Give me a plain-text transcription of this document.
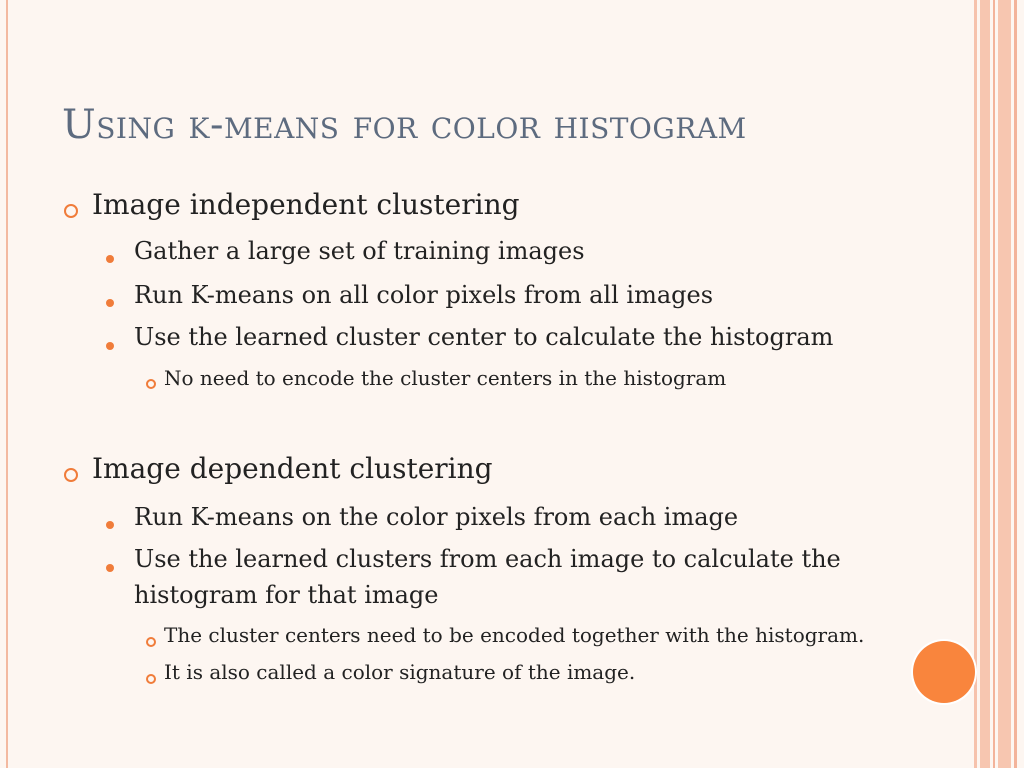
Using k-means for color histogram
Image independent clustering
Gather a large set of training images
Run K-means on all color pixels from all images
Use the learned cluster center to calculate the histogram
No need to encode the cluster centers in the histogram
Image dependent clustering
Run K-means on the color pixels from each image
Use the learned clusters from each image to calculate the
histogram for that image
The cluster centers need to be encoded together with the histogram.
It is also called a color signature of the image.
